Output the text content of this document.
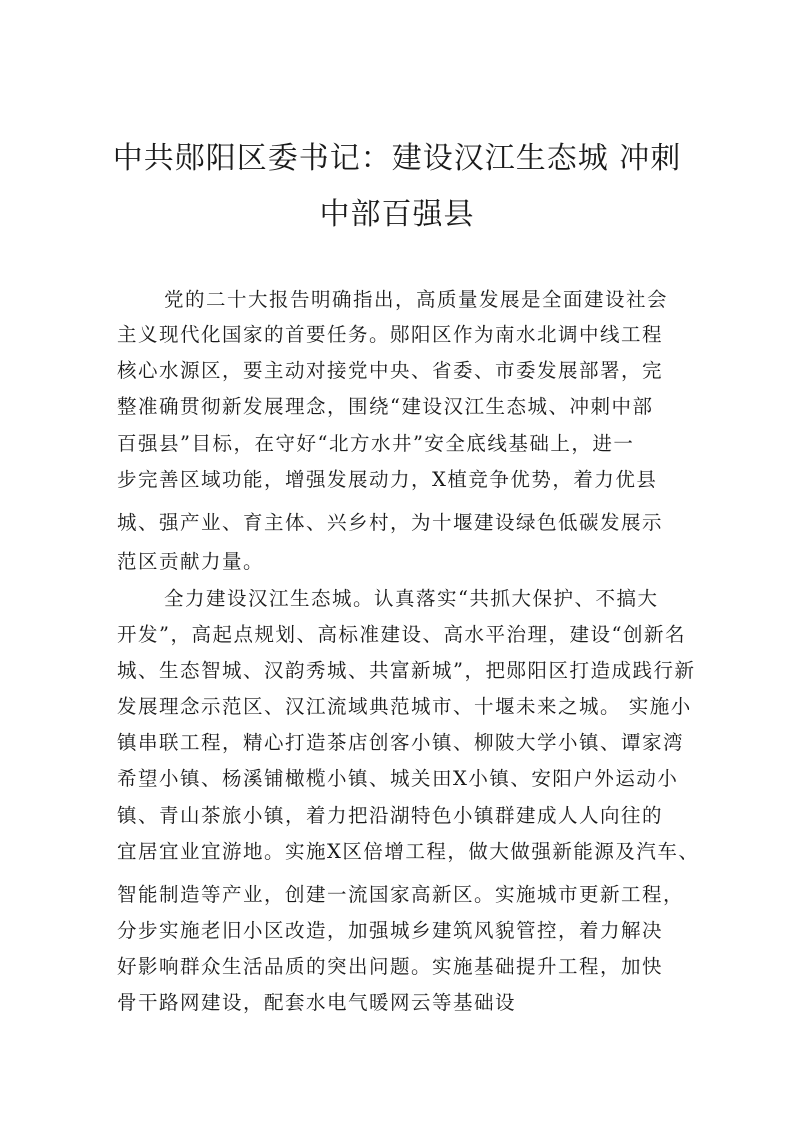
中共郧阳区委书记：建设汉江生态城 冲刺
中部百强县
党的二十大报告明确指出，高质量发展是全面建设社会
主义现代化国家的首要任务。郧阳区作为南水北调中线工程
核心水源区，要主动对接党中央、省委、市委发展部署，完
整准确贯彻新发展理念，围绕“建设汉江生态城、冲刺中部
百强县”目标，在守好“北方水井”安全底线基础上，进一
步完善区域功能，增强发展动力，X植竞争优势，着力优县
城、强产业、育主体、兴乡村，为十堰建设绿色低碳发展示
范区贡献力量。
全力建设汉江生态城。认真落实“共抓大保护、不搞大
开发”，高起点规划、高标准建设、高水平治理，建设“创新名
城、生态智城、汉韵秀城、共富新城”，把郧阳区打造成践行新
发展理念示范区、汉江流域典范城市、十堰未来之城。 实施小
镇串联工程，精心打造茶店创客小镇、柳陂大学小镇、谭家湾
希望小镇、杨溪铺橄榄小镇、城关田X小镇、安阳户外运动小
镇、青山茶旅小镇，着力把沿湖特色小镇群建成人人向往的
宜居宜业宜游地。实施X区倍增工程，做大做强新能源及汽车、
智能制造等产业，创建一流国家高新区。实施城市更新工程，
分步实施老旧小区改造，加强城乡建筑风貌管控，着力解决
好影响群众生活品质的突出问题。实施基础提升工程，加快
骨干路网建设，配套水电气暖网云等基础设
